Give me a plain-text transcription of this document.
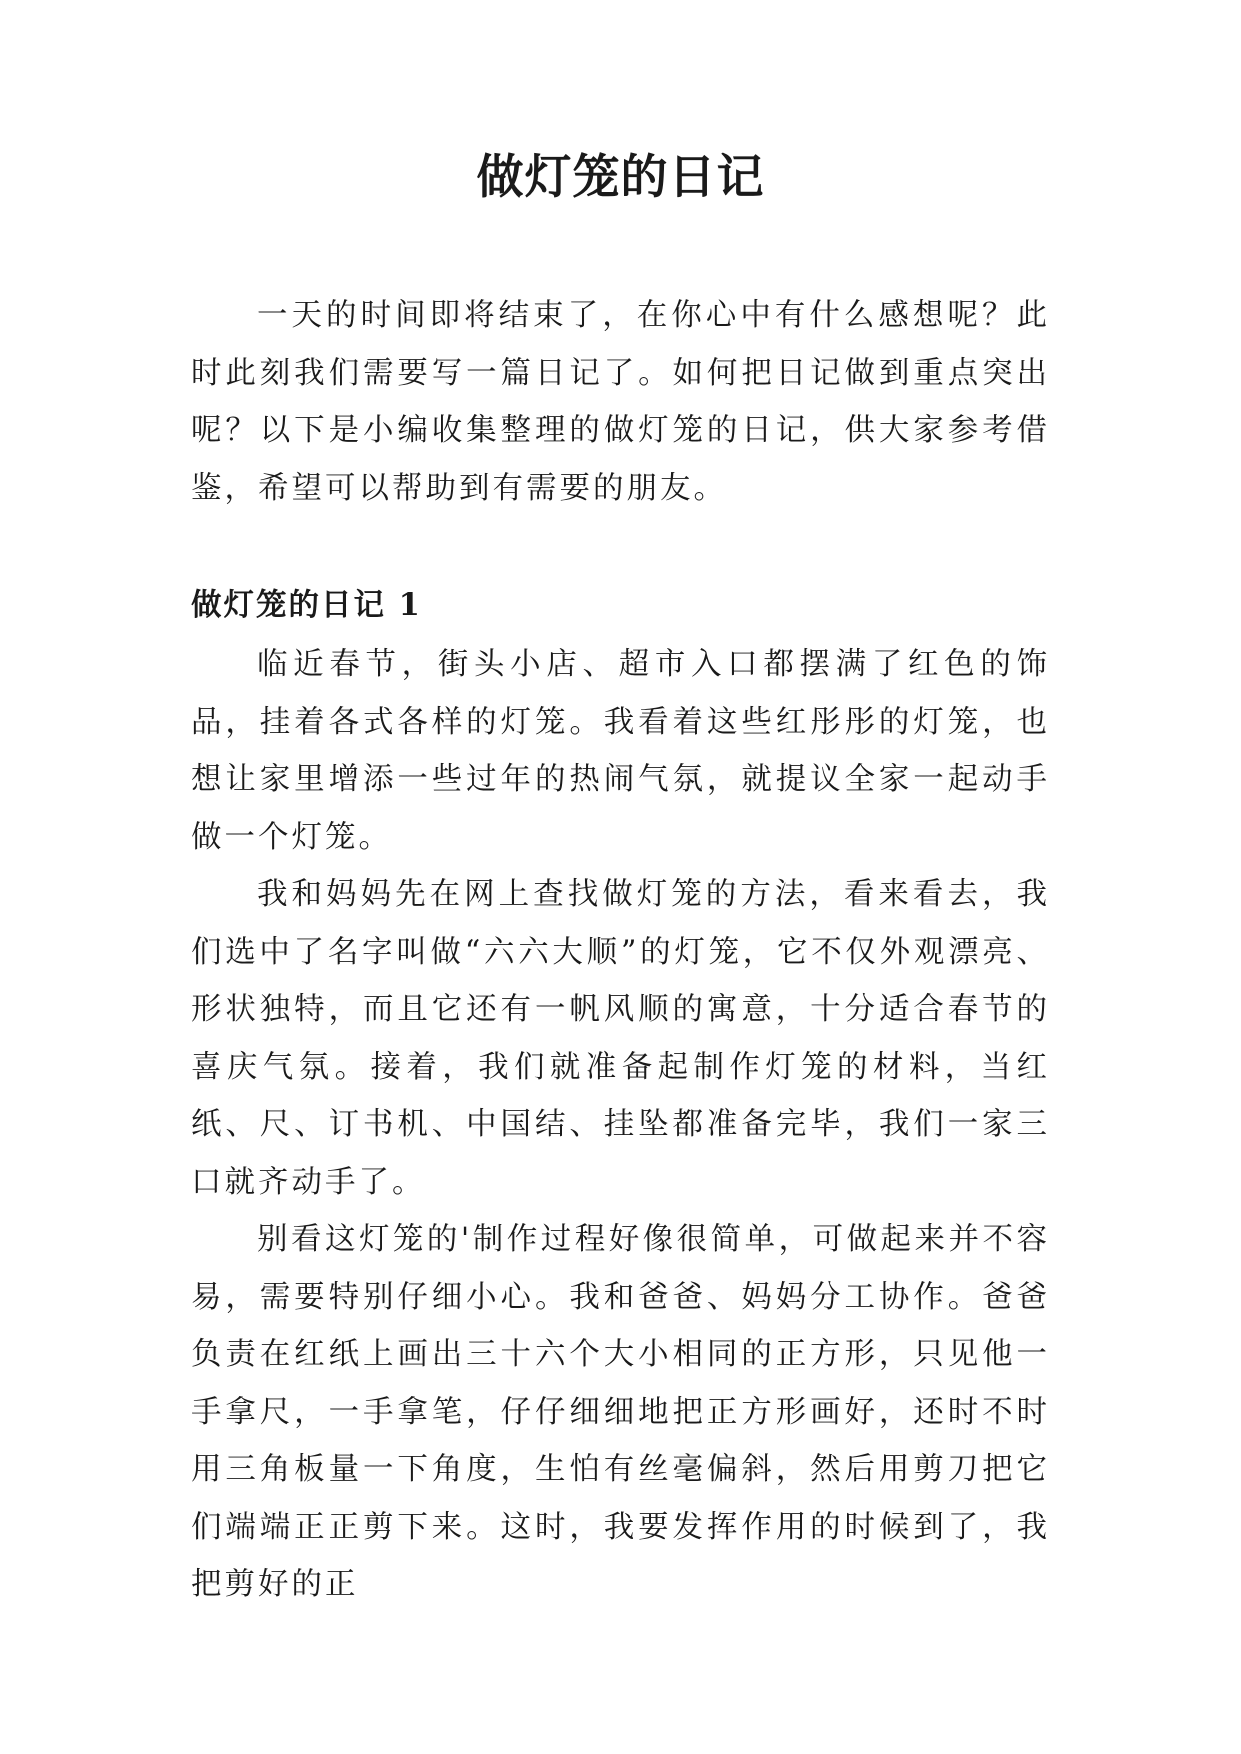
做灯笼的日记

一天的时间即将结束了，在你心中有什么感想呢？此时此刻我们需要写一篇日记了。如何把日记做到重点突出呢？以下是小编收集整理的做灯笼的日记，供大家参考借鉴，希望可以帮助到有需要的朋友。

做灯笼的日记 1

临近春节，街头小店、超市入口都摆满了红色的饰品，挂着各式各样的灯笼。我看着这些红彤彤的灯笼，也想让家里增添一些过年的热闹气氛，就提议全家一起动手做一个灯笼。

我和妈妈先在网上查找做灯笼的方法，看来看去，我们选中了名字叫做“六六大顺”的灯笼，它不仅外观漂亮、形状独特，而且它还有一帆风顺的寓意，十分适合春节的喜庆气氛。接着，我们就准备起制作灯笼的材料，当红纸、尺、订书机、中国结、挂坠都准备完毕，我们一家三口就齐动手了。

别看这灯笼的'制作过程好像很简单，可做起来并不容易，需要特别仔细小心。我和爸爸、妈妈分工协作。爸爸负责在红纸上画出三十六个大小相同的正方形，只见他一手拿尺，一手拿笔，仔仔细细地把正方形画好，还时不时用三角板量一下角度，生怕有丝毫偏斜，然后用剪刀把它们端端正正剪下来。这时，我要发挥作用的时候到了，我把剪好的正
